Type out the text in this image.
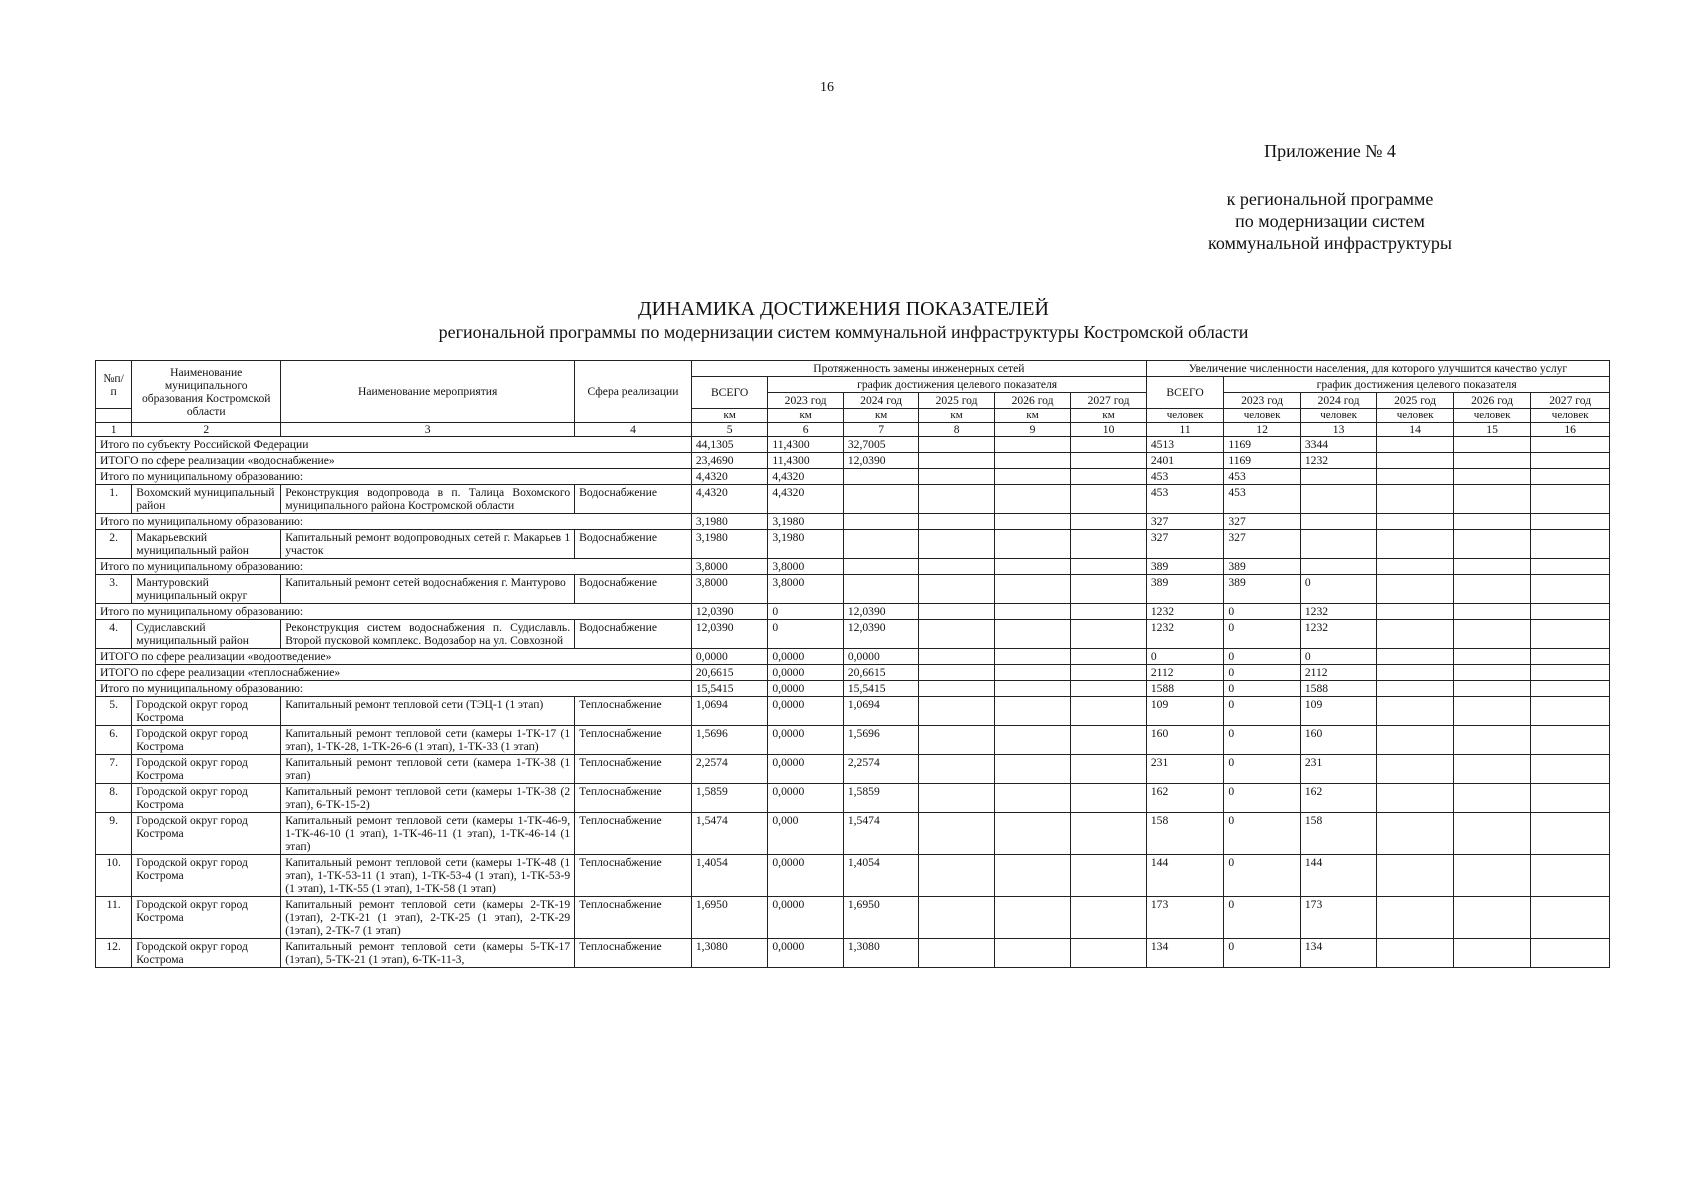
16
Приложение № 4
к региональной программе
по модернизации систем
коммунальной инфраструктуры
ДИНАМИКА ДОСТИЖЕНИЯ ПОКАЗАТЕЛЕЙ
региональной программы по модернизации систем коммунальной инфраструктуры Костромской области
№п/ п	Наименование муниципального образования Костромской области	Наименование мероприятия	Сфера реализации	Протяженность замены инженерных сетей						Увеличение численности населения, для которого улучшится качество услуг					
				ВСЕГО	график достижения целевого показателя					ВСЕГО	график достижения целевого показателя				
					2023 год	2024 год	2025 год	2026 год	2027 год		2023 год	2024 год	2025 год	2026 год	2027 год
				км	км	км	км	км	км	человек	человек	человек	человек	человек	человек
1	2	3	4	5	6	7	8	9	10	11	12	13	14	15	16
Итого по субъекту Российской Федерации				44,1305	11,4300	32,7005				4513	1169	3344			
ИТОГО по сфере реализации «водоснабжение»				23,4690	11,4300	12,0390				2401	1169	1232			
Итого по муниципальному образованию:				4,4320	4,4320					453	453				
1.	Вохомский муниципальный район	Реконструкция водопровода в п. Талица Вохомского муниципального района Костромской области	Водоснабжение	4,4320	4,4320					453	453				
Итого по муниципальному образованию:				3,1980	3,1980					327	327				
2.	Макарьевский муниципальный район	Капитальный ремонт водопроводных сетей г. Макарьев 1 участок	Водоснабжение	3,1980	3,1980					327	327				
Итого по муниципальному образованию:				3,8000	3,8000					389	389				
3.	Мантуровский муниципальный округ	Капитальный ремонт сетей водоснабжения г. Мантурово	Водоснабжение	3,8000	3,8000					389	389	0			
Итого по муниципальному образованию:				12,0390	0	12,0390				1232	0	1232			
4.	Судиславский муниципальный район	Реконструкция систем водоснабжения п. Судиславль. Второй пусковой комплекс. Водозабор на ул. Совхозной	Водоснабжение	12,0390	0	12,0390				1232	0	1232			
ИТОГО по сфере реализации «водоотведение»				0,0000	0,0000	0,0000				0	0	0			
ИТОГО по сфере реализации «теплоснабжение»				20,6615	0,0000	20,6615				2112	0	2112			
Итого по муниципальному образованию:				15,5415	0,0000	15,5415				1588	0	1588			
5.	Городской округ город Кострома	Капитальный ремонт тепловой сети (ТЭЦ-1 (1 этап)	Теплоснабжение	1,0694	0,0000	1,0694				109	0	109			
6.	Городской округ город Кострома	Капитальный ремонт тепловой сети (камеры 1-ТК-17 (1 этап), 1-ТК-28, 1-ТК-26-6 (1 этап), 1-ТК-33 (1 этап)	Теплоснабжение	1,5696	0,0000	1,5696				160	0	160			
7.	Городской округ город Кострома	Капитальный ремонт тепловой сети (камера 1-ТК-38 (1 этап)	Теплоснабжение	2,2574	0,0000	2,2574				231	0	231			
8.	Городской округ город Кострома	Капитальный ремонт тепловой сети (камеры 1-ТК-38 (2 этап), 6-ТК-15-2)	Теплоснабжение	1,5859	0,0000	1,5859				162	0	162			
9.	Городской округ город Кострома	Капитальный ремонт тепловой сети (камеры 1-ТК-46-9, 1-ТК-46-10 (1 этап), 1-ТК-46-11 (1 этап), 1-ТК-46-14 (1 этап)	Теплоснабжение	1,5474	0,000	1,5474				158	0	158			
10.	Городской округ город Кострома	Капитальный ремонт тепловой сети (камеры 1-ТК-48 (1 этап), 1-ТК-53-11 (1 этап), 1-ТК-53-4 (1 этап), 1-ТК-53-9 (1 этап), 1-ТК-55 (1 этап), 1-ТК-58 (1 этап)	Теплоснабжение	1,4054	0,0000	1,4054				144	0	144			
11.	Городской округ город Кострома	Капитальный ремонт тепловой сети (камеры 2-ТК-19 (1этап), 2-ТК-21 (1 этап), 2-ТК-25 (1 этап), 2-ТК-29 (1этап), 2-ТК-7 (1 этап)	Теплоснабжение	1,6950	0,0000	1,6950				173	0	173			
12.	Городской округ город Кострома	Капитальный ремонт тепловой сети (камеры 5-ТК-17 (1этап), 5-ТК-21 (1 этап), 6-ТК-11-3,	Теплоснабжение	1,3080	0,0000	1,3080				134	0	134			
